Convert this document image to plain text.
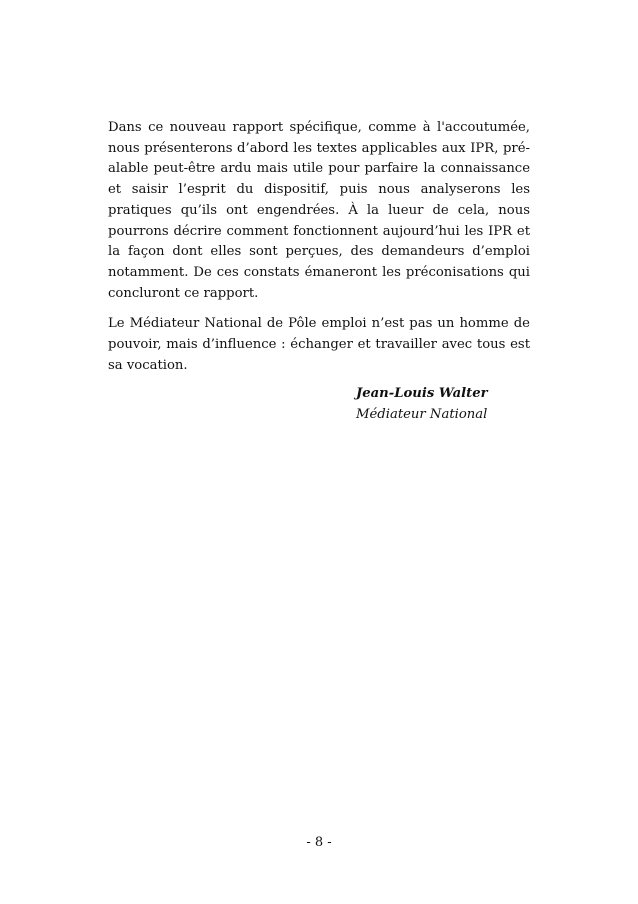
Dans ce nouveau rapport spécifique, comme à l'accoutumée, nous présenterons d’abord les textes applicables aux IPR, préalable peut-être ardu mais utile pour parfaire la connaissance et saisir l’esprit du dispositif, puis nous analyserons les pratiques qu’ils ont engendrées. À la lueur de cela, nous pourrons décrire comment fonctionnent aujourd’hui les IPR et la façon dont elles sont perçues, des demandeurs d’emploi notamment. De ces constats émaneront les préconisations qui concluront ce rapport.

Le Médiateur National de Pôle emploi n’est pas un homme de pouvoir, mais d’influence : échanger et travailler avec tous est sa vocation.

Jean-Louis Walter
Médiateur National
- 8 -
